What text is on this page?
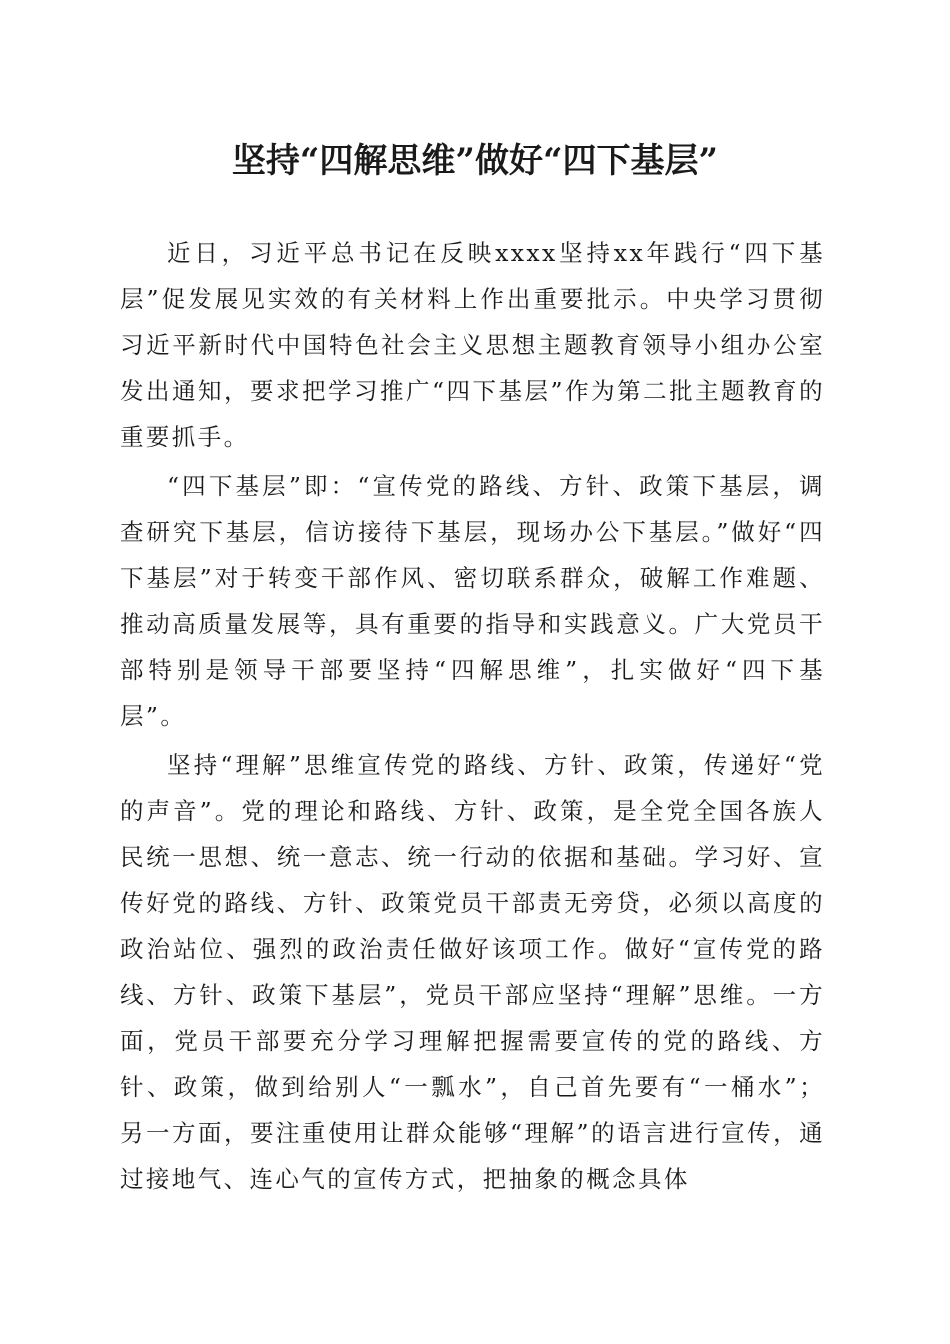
坚持“四解思维”做好“四下基层”

近日，习近平总书记在反映xxxx坚持xx年践行“四下基层”促发展见实效的有关材料上作出重要批示。中央学习贯彻习近平新时代中国特色社会主义思想主题教育领导小组办公室发出通知，要求把学习推广“四下基层”作为第二批主题教育的重要抓手。

“四下基层”即：“宣传党的路线、方针、政策下基层，调查研究下基层，信访接待下基层，现场办公下基层。”做好“四下基层”对于转变干部作风、密切联系群众，破解工作难题、推动高质量发展等，具有重要的指导和实践意义。广大党员干部特别是领导干部要坚持“四解思维”，扎实做好“四下基层”。

坚持“理解”思维宣传党的路线、方针、政策，传递好“党的声音”。党的理论和路线、方针、政策，是全党全国各族人民统一思想、统一意志、统一行动的依据和基础。学习好、宣传好党的路线、方针、政策党员干部责无旁贷，必须以高度的政治站位、强烈的政治责任做好该项工作。做好“宣传党的路线、方针、政策下基层”，党员干部应坚持“理解”思维。一方面，党员干部要充分学习理解把握需要宣传的党的路线、方针、政策，做到给别人“一瓢水”，自己首先要有“一桶水”；另一方面，要注重使用让群众能够“理解”的语言进行宣传，通过接地气、连心气的宣传方式，把抽象的概念具体
